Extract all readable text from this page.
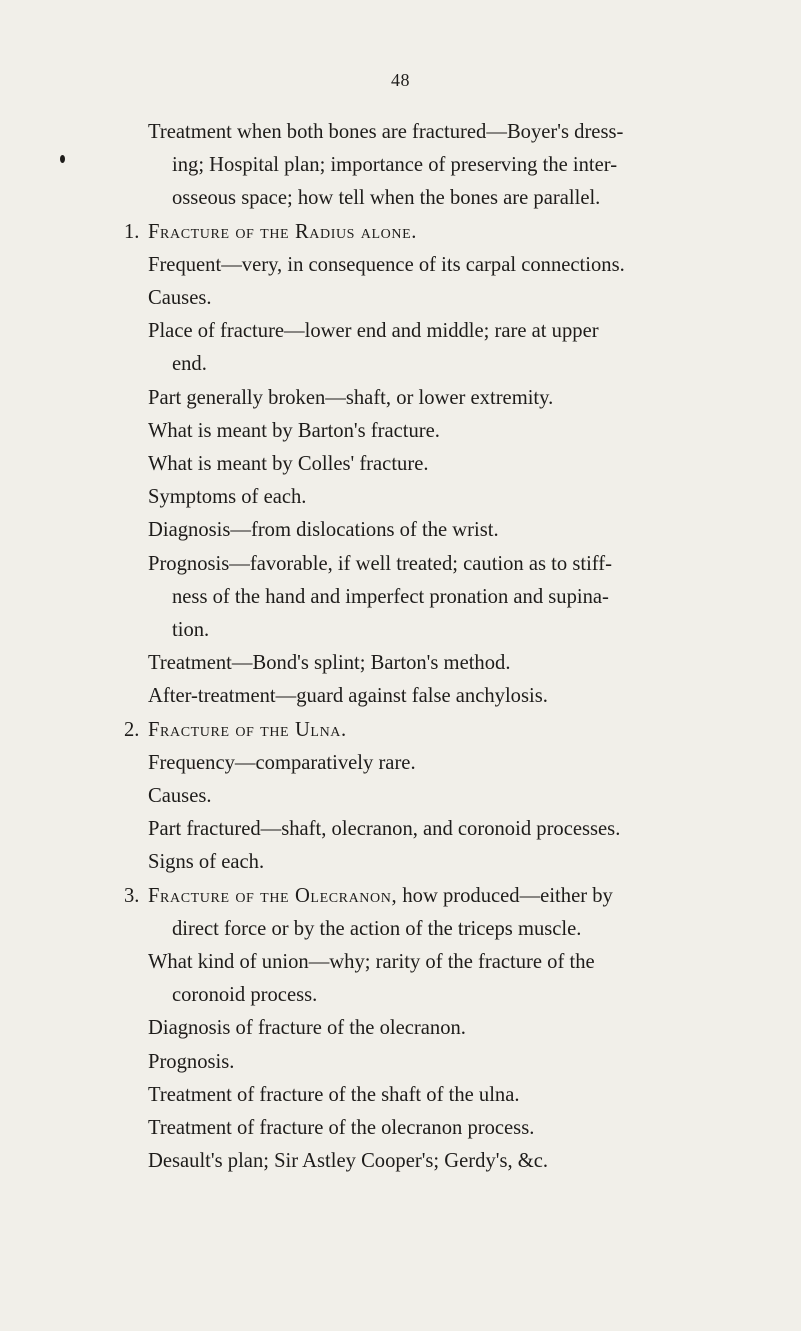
48
Treatment when both bones are fractured—Boyer's dress-
ing; Hospital plan; importance of preserving the inter-
osseous space; how tell when the bones are parallel.
1. Fracture of the Radius alone.
Frequent—very, in consequence of its carpal connections.
Causes.
Place of fracture—lower end and middle; rare at upper
end.
Part generally broken—shaft, or lower extremity.
What is meant by Barton's fracture.
What is meant by Colles' fracture.
Symptoms of each.
Diagnosis—from dislocations of the wrist.
Prognosis—favorable, if well treated; caution as to stiff-
ness of the hand and imperfect pronation and supina-
tion.
Treatment—Bond's splint; Barton's method.
After-treatment—guard against false anchylosis.
2. Fracture of the Ulna.
Frequency—comparatively rare.
Causes.
Part fractured—shaft, olecranon, and coronoid processes.
Signs of each.
3. Fracture of the Olecranon, how produced—either by
direct force or by the action of the triceps muscle.
What kind of union—why; rarity of the fracture of the
coronoid process.
Diagnosis of fracture of the olecranon.
Prognosis.
Treatment of fracture of the shaft of the ulna.
Treatment of fracture of the olecranon process.
Desault's plan; Sir Astley Cooper's; Gerdy's, &c.
